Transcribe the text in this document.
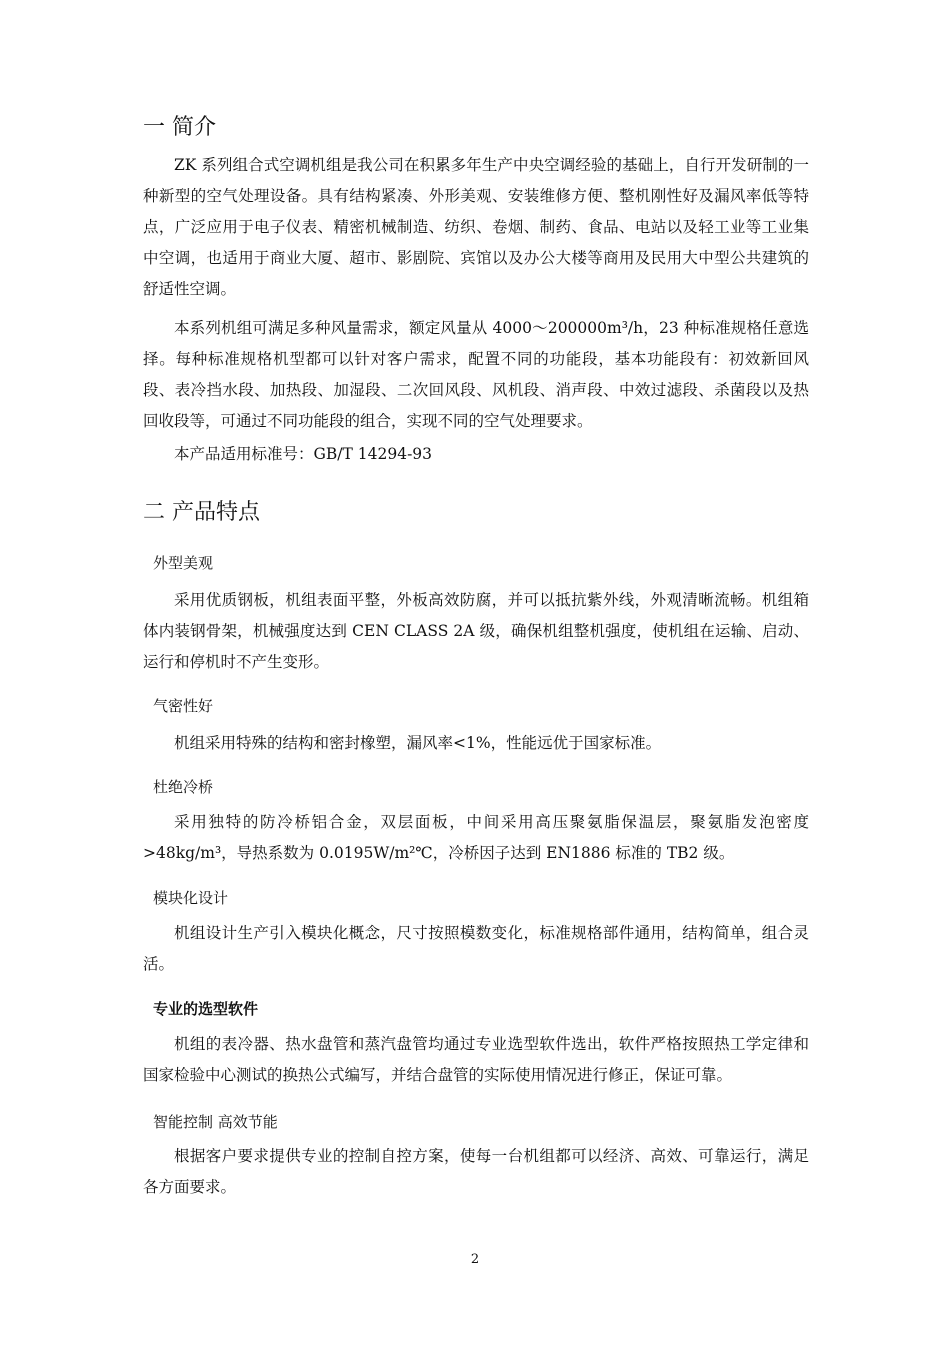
一 简介

ZK 系列组合式空调机组是我公司在积累多年生产中央空调经验的基础上，自行开发研制的一种新型的空气处理设备。具有结构紧凑、外形美观、安装维修方便、整机刚性好及漏风率低等特点，广泛应用于电子仪表、精密机械制造、纺织、卷烟、制药、食品、电站以及轻工业等工业集中空调，也适用于商业大厦、超市、影剧院、宾馆以及办公大楼等商用及民用大中型公共建筑的舒适性空调。

本系列机组可满足多种风量需求，额定风量从 4000～200000m³/h，23 种标准规格任意选择。每种标准规格机型都可以针对客户需求，配置不同的功能段，基本功能段有：初效新回风段、表冷挡水段、加热段、加湿段、二次回风段、风机段、消声段、中效过滤段、杀菌段以及热回收段等，可通过不同功能段的组合，实现不同的空气处理要求。

本产品适用标准号：GB/T 14294-93

二 产品特点
外型美观

采用优质钢板，机组表面平整，外板高效防腐，并可以抵抗紫外线，外观清晰流畅。机组箱体内装钢骨架，机械强度达到 CEN CLASS 2A 级，确保机组整机强度，使机组在运输、启动、运行和停机时不产生变形。

气密性好

机组采用特殊的结构和密封橡塑，漏风率<1%，性能远优于国家标准。

杜绝冷桥

采用独特的防冷桥铝合金，双层面板，中间采用高压聚氨脂保温层，聚氨脂发泡密度>48kg/m³，导热系数为 0.0195W/m²℃，冷桥因子达到 EN1886 标准的 TB2 级。

模块化设计

机组设计生产引入模块化概念，尺寸按照模数变化，标准规格部件通用，结构简单，组合灵活。

专业的选型软件

机组的表冷器、热水盘管和蒸汽盘管均通过专业选型软件选出，软件严格按照热工学定律和国家检验中心测试的换热公式编写，并结合盘管的实际使用情况进行修正，保证可靠。

智能控制 高效节能

根据客户要求提供专业的控制自控方案，使每一台机组都可以经济、高效、可靠运行，满足各方面要求。

2
